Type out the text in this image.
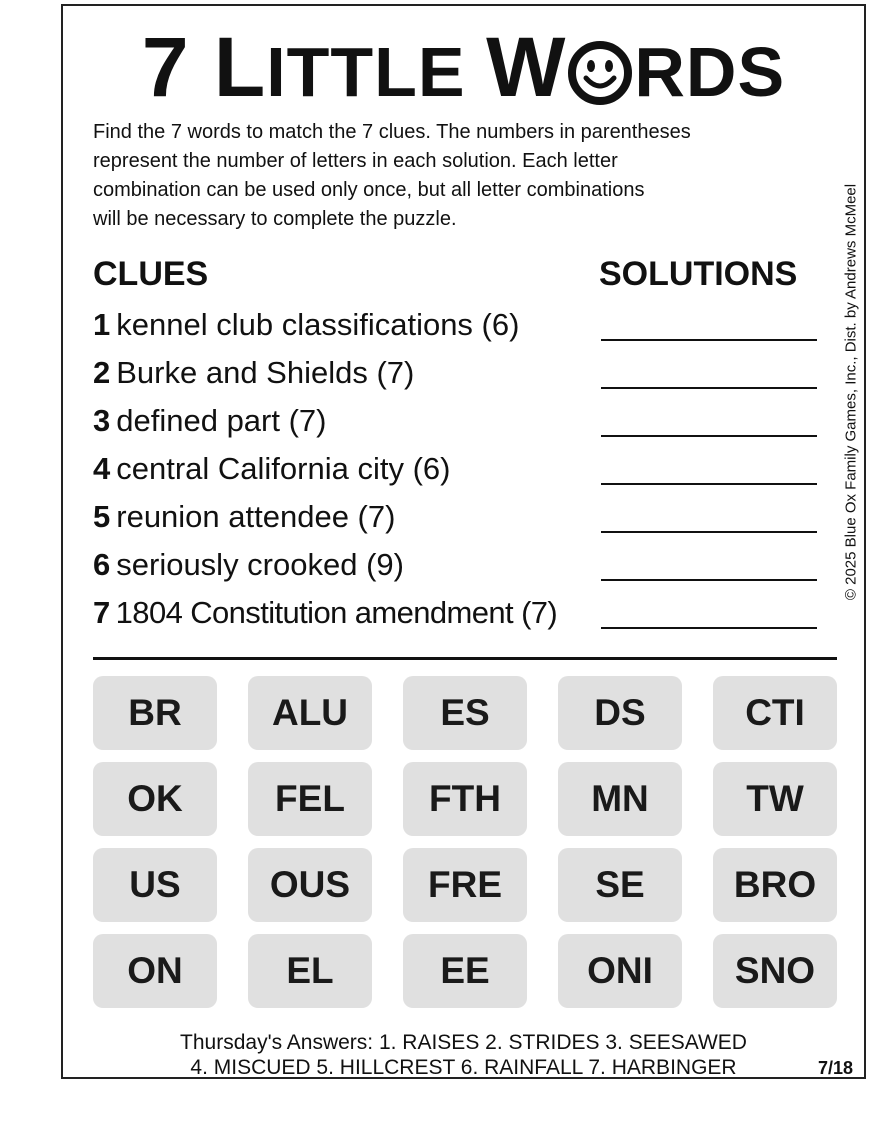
7 LITTLE W RDS
Find the 7 words to match the 7 clues. The numbers in parentheses
represent the number of letters in each solution. Each letter
combination can be used only once, but all letter combinations
will be necessary to complete the puzzle.
CLUES	SOLUTIONS
1 kennel club classifications (6)
2 Burke and Shields (7)
3 defined part (7)
4 central California city (6)
5 reunion attendee (7)
6 seriously crooked (9)
7 1804 Constitution amendment (7)
© 2025 Blue Ox Family Games, Inc., Dist. by Andrews McMeel
BR	ALU	ES	DS	CTI
OK	FEL	FTH	MN	TW
US	OUS	FRE	SE	BRO
ON	EL	EE	ONI	SNO
Thursday's Answers: 1. RAISES 2. STRIDES 3. SEESAWED
4. MISCUED 5. HILLCREST 6. RAINFALL 7. HARBINGER	7/18
